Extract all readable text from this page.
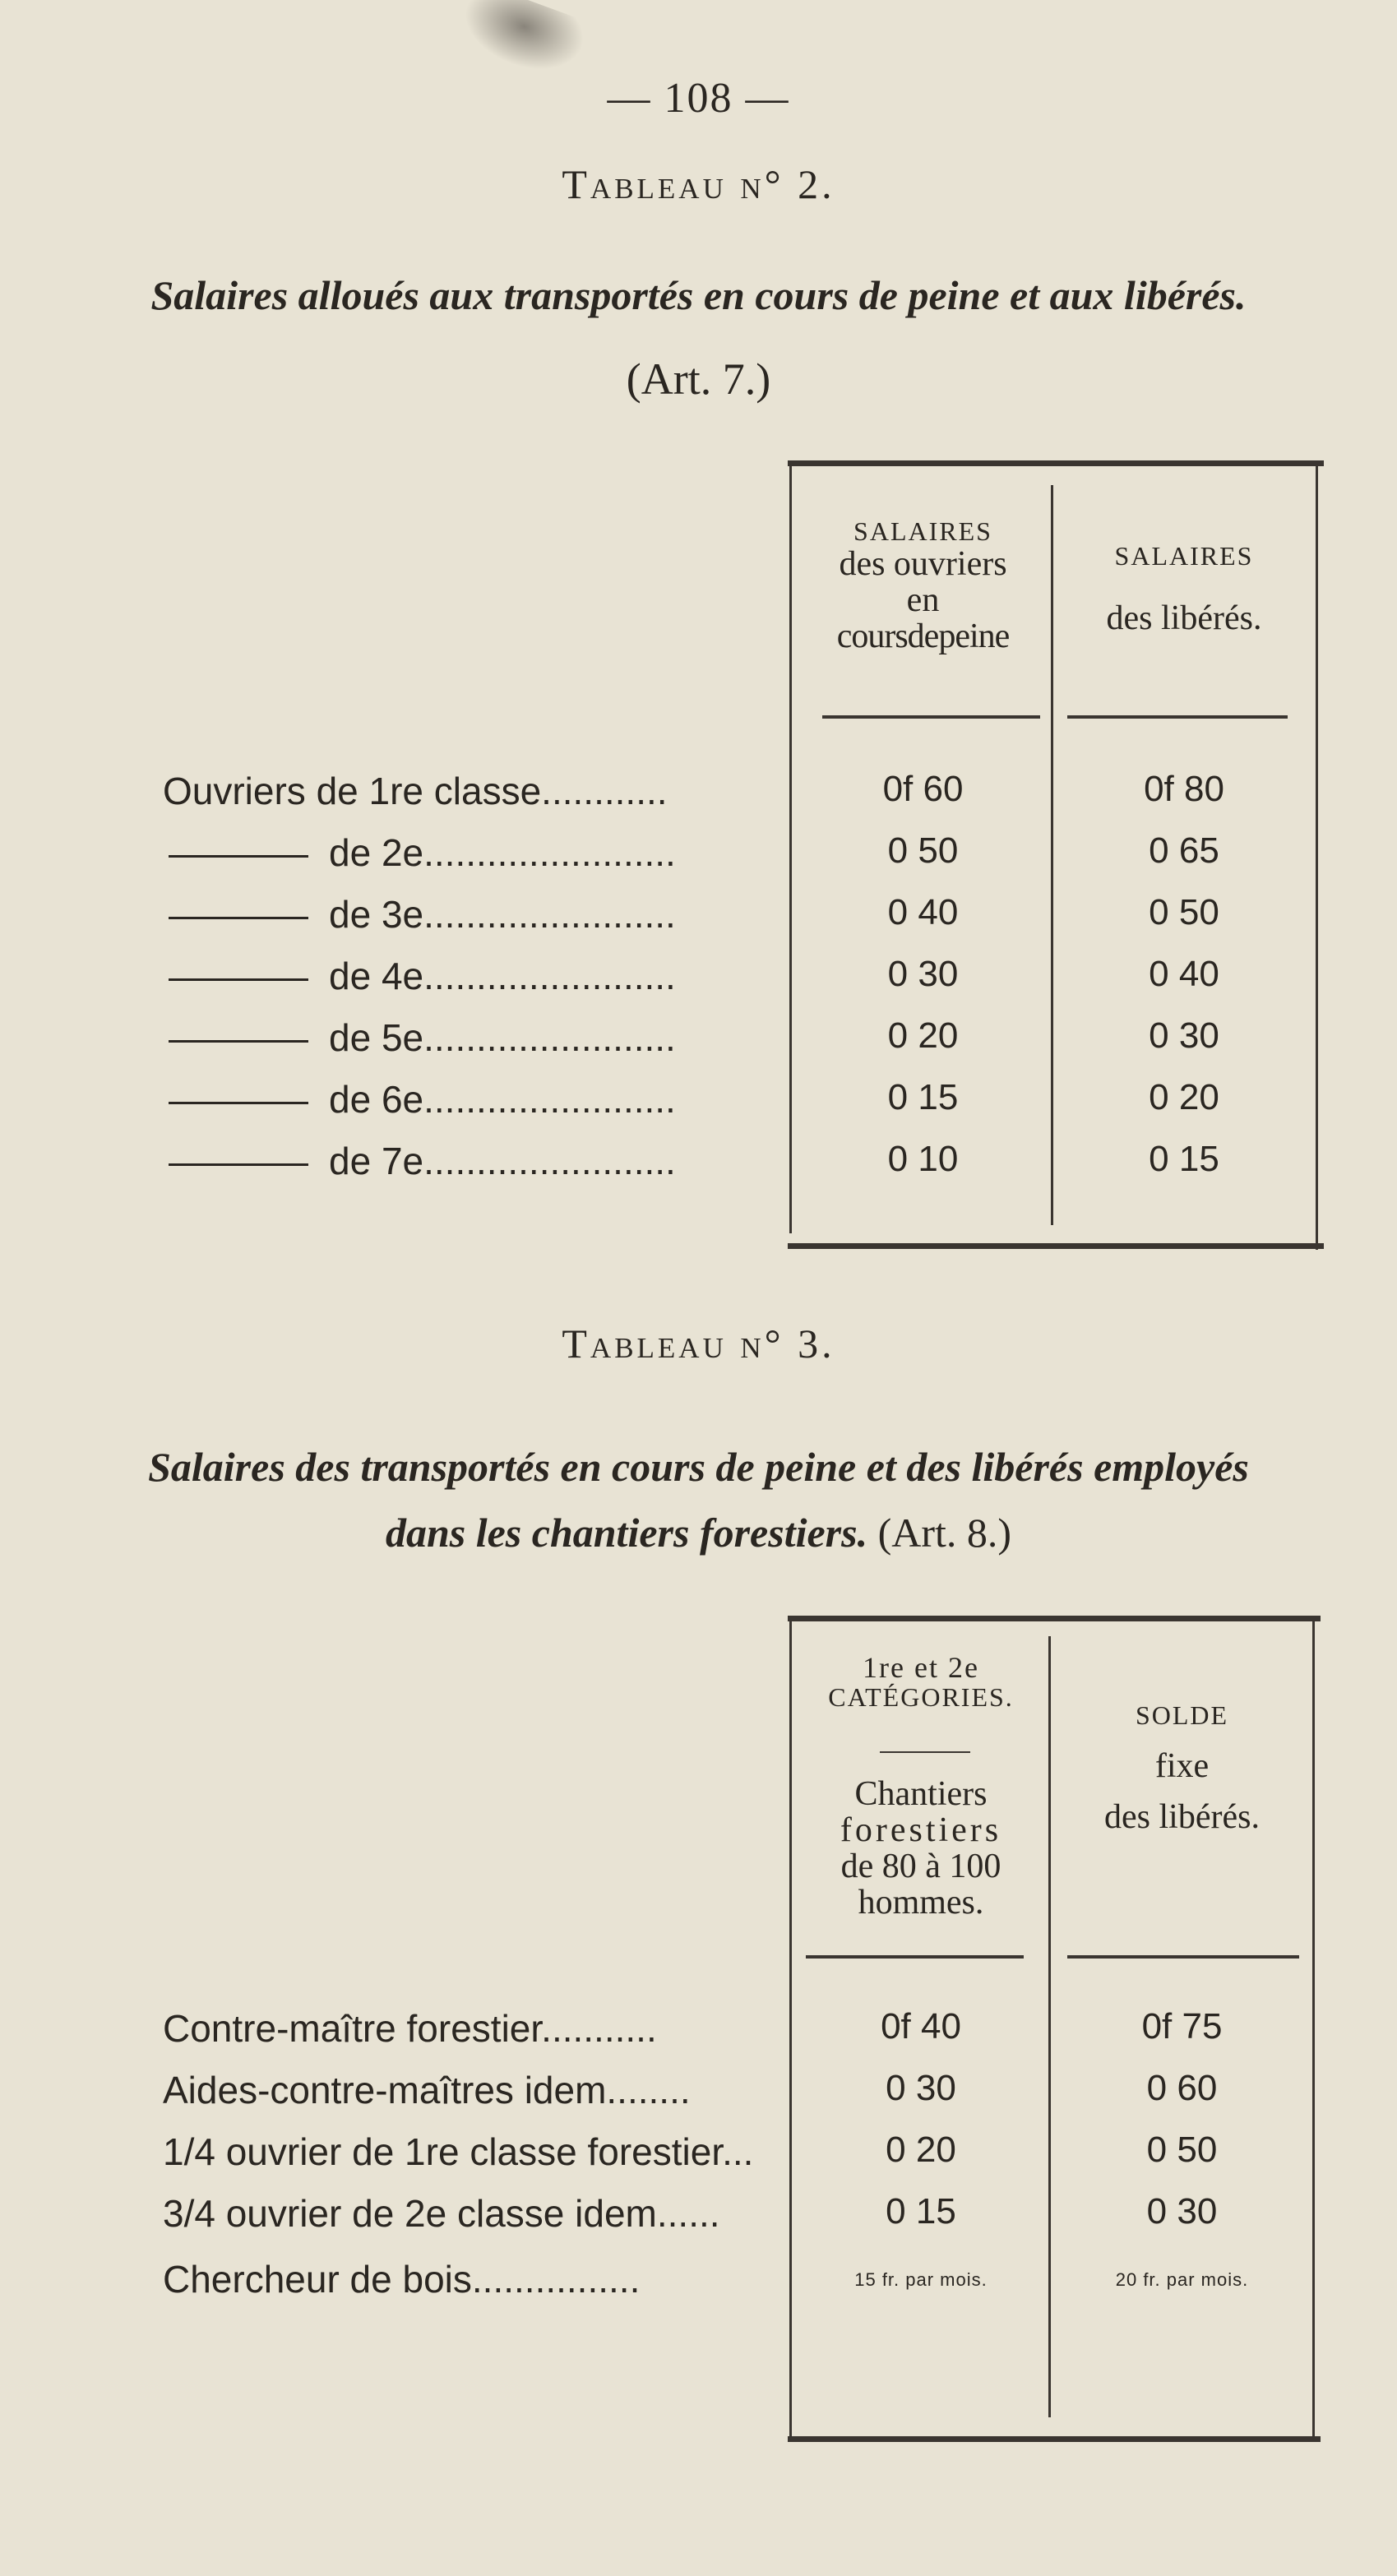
— 108 —
Tableau n° 2.
Salaires alloués aux transportés en cours de peine et aux libérés.
(Art. 7.)
SALAIRES
des ouvriers
en
coursdepeine
SALAIRES
des libérés.
Ouvriers de 1re classe............	0f 60	0f 80
de 2e........................	0 50	0 65
de 3e........................	0 40	0 50
de 4e........................	0 30	0 40
de 5e........................	0 20	0 30
de 6e........................	0 15	0 20
de 7e........................	0 10	0 15
Tableau n° 3.
Salaires des transportés en cours de peine et des libérés employés
dans les chantiers forestiers. (Art. 8.)
1re et 2e
CATÉGORIES.
Chantiers
forestiers
de 80 à 100
hommes.
SOLDE
fixe
des libérés.
Contre-maître forestier...........	0f 40	0f 75
Aides-contre-maîtres idem........	0 30	0 60
1/4 ouvrier de 1re classe forestier...	0 20	0 50
3/4 ouvrier de 2e classe idem......	0 15	0 30
Chercheur de bois................	15 fr. par mois.	20 fr. par mois.
